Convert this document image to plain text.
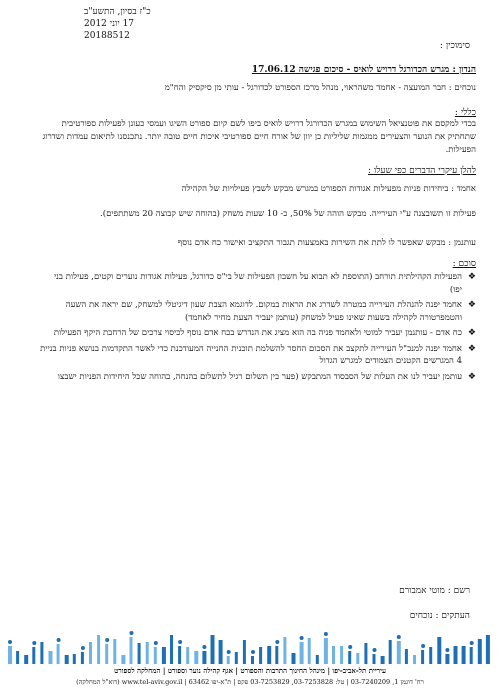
כ"ז בסיון, התשע"ב
17 יוני 2012
20188512
סימוכין :
הנדון : מגרש הכדורגל דרויש לואיס - סיכום פגישה 17.06.12
נוכחים : חבר המועצה - אחמד משהראוי, מנהל מרכז הספורט לכדורגל - עותי מן סיקסיק והח"מ
כללי :
בכדי למקסם את פוטנציאל השימוש במגרש הכדורגל דרויש לואיס ביפו לשם קיום ספורט השיגו ועמסי כעונן לפעילות ספורטיבית שתחתיק את הנוער והצעירים ממגמות שליליות כן יוון של אורח חיים ספורטיבי איכות חיים טובה יותר. נתכנסנו לתיאום עמדות ושדרוג הפעילות.
להלן עיקרי הדברים כפי שעלו :
אחמד : ביחידות פניות מפעילות אגודות הספורט במגרש מבקש לשבץ פעילויות של הקהילה
פעילות זו תשובצנה ע"י העירייה. מבקש הוהה של 50%, כ- 10 שעות משחק (בהוחה שיש קבוצה 20 משתתפים).
עותנמן : מבקש שאפשר לו לתת את השירות באמצעות תגבור התקציב ואישור כח אדם נוסף
סוכם :
❖
הפעילות הקהילתית תורחב (התוספת לא תבוא על חשבון הפעילות של בי"ס כדורגל, פעילות אגודות נוערים וקטים, פעילות בני יפו)
❖
אחמד יפנה להנהלת העירייה במטרה לשדרג את הראות במקום. לדוגמא הצבת שעון דיגיטלי למשחק, שם יראה את השעה והטמפרטורה לקהילה בשעות שאינו פעיל למשחק (עותמן יעביר הצעת מחיר לאחמד)
❖
כח אדם - עותנמן יעביר למוטי ולאחמד פניה בה הוא מציג את הנדרש בכח אדם נוסף לכיסוי צרכים של הרחבת היקף הפעילות
❖
אחמד יפנה למנכ"ל העירייה לתקצב את הסכום החסר להשלמת תוכנית החנייה המעודכנת כדי לאשר התקדמות בנושא פניות בניית 4 המגרשים הקטנים הצמודים למגרש הגדול
❖
עותמן יעביר לנו את העלות של הסבסוד המתבקש (פער בין תשלום רגיל לתשלום בהנחה, בהוחה שכל היחידות הפניות ישבצו
רשם : מוטי אמבורם
העתקים : נוכחים
עיריית תל-אביב-יפו | מינהל החינוך התרבות והספורט | אגף קהילה נוער וספורט | המחלקה לספורט
רח' דוגמן 1, 03-7240209 | טל: 03-7253828, 03-7253829 פקס | ת"א-יפו 63462 | www.tel-aviv.gov.il (דוא"ל המחלקה)
